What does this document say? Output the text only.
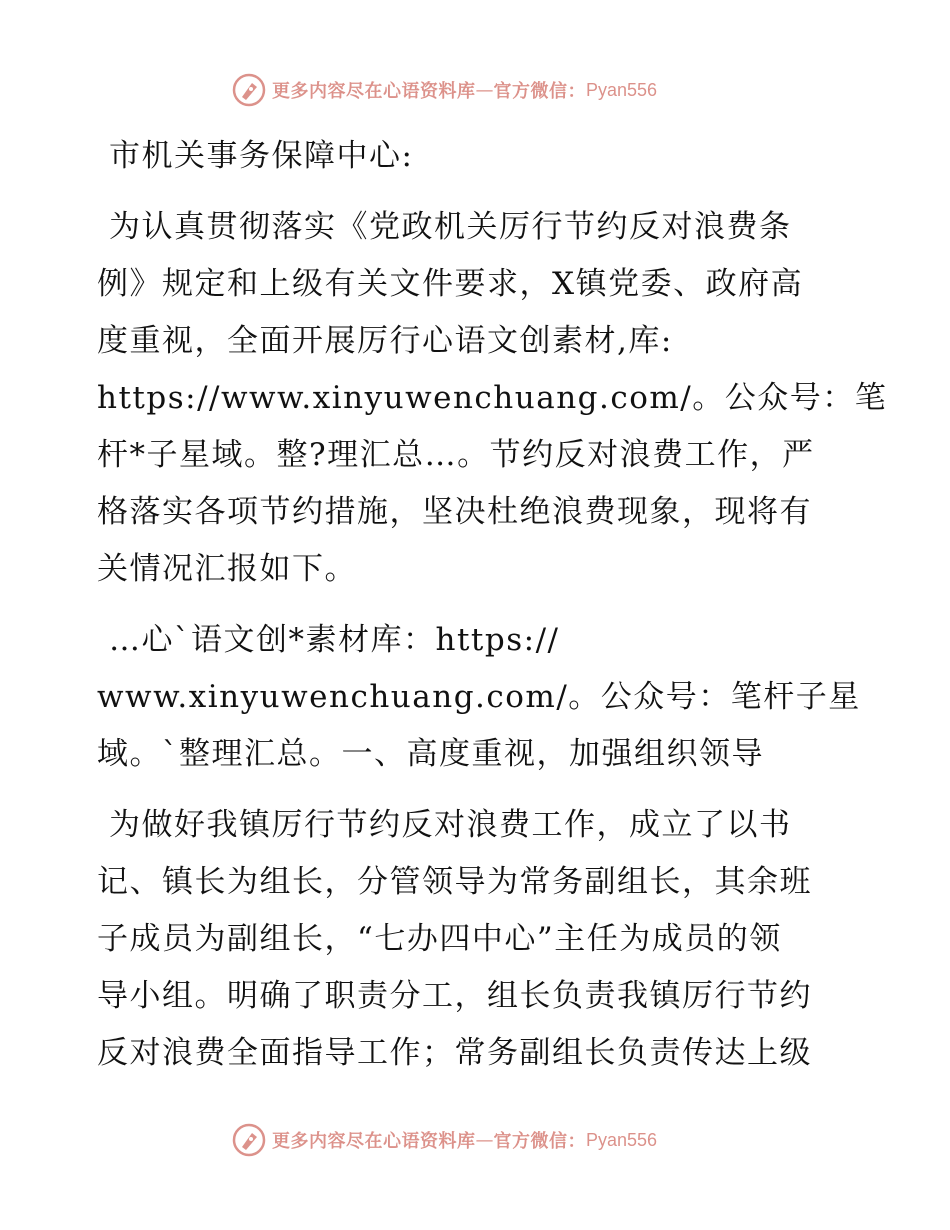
更多内容尽在心语资料库 — 官方微信： Pyan556

市机关事务保障中心:

为认真贯彻落实《党政机关厉行节约反对浪费条
例》规定和上级有关文件要求，X镇党委、政府高
度重视，全面开展厉行心语文创素材,库:
https://www.xinyuwenchuang.com/。公众号：笔
杆*子星域。整?理汇总…。节约反对浪费工作，严
格落实各项节约措施，坚决杜绝浪费现象，现将有
关情况汇报如下。

…心`语文创*素材库：https://
www.xinyuwenchuang.com/。公众号：笔杆子星
域。`整理汇总。一、高度重视，加强组织领导

为做好我镇厉行节约反对浪费工作，成立了以书
记、镇长为组长，分管领导为常务副组长，其余班
子成员为副组长，“七办四中心”主任为成员的领
导小组。明确了职责分工，组长负责我镇厉行节约
反对浪费全面指导工作；常务副组长负责传达上级

更多内容尽在心语资料库 — 官方微信： Pyan556
